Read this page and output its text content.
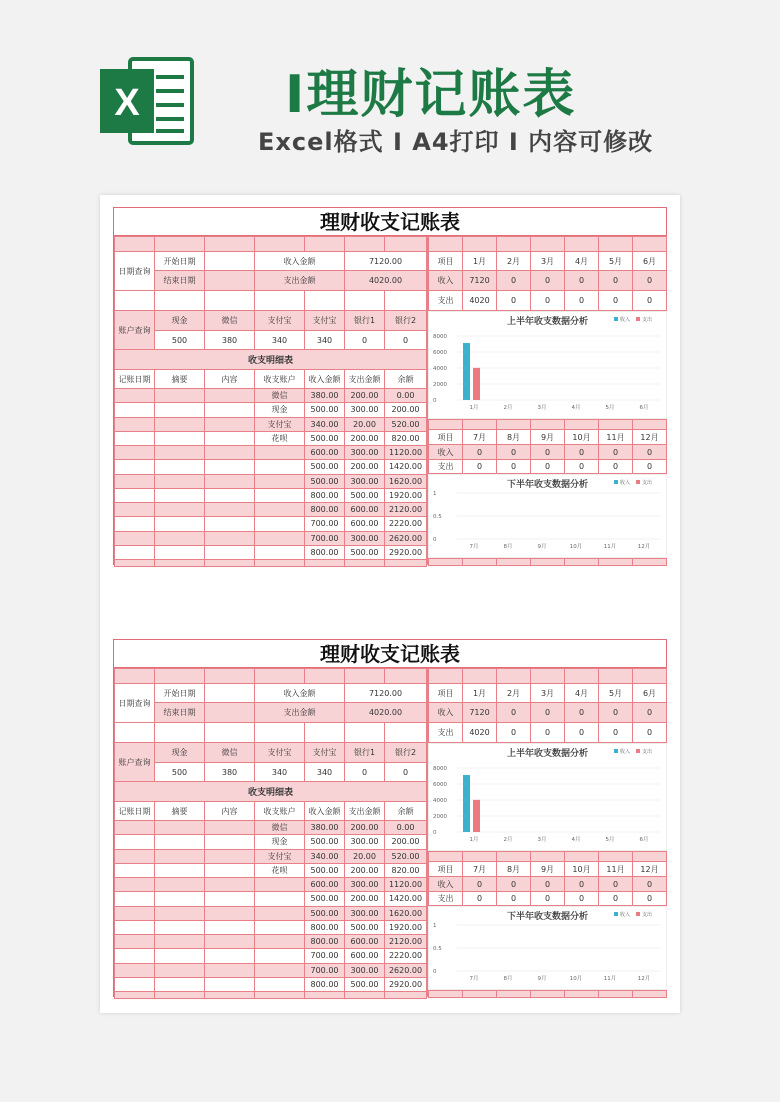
X	I理财记账表
Excel格式 I A4打印 I 内容可修改
理财收支记账表

日期查询	开始日期		收入金额		7120.00	
	结束日期		支出金额		4020.00	

账户查询	现金	微信	支付宝	支付宝	银行1	银行2
	500	380	340	340	0	0
收支明细表						
记账日期	摘要	内容	收支账户	收入金额	支出金额	余额
			微信	380.00	200.00	0.00
			现金	500.00	300.00	200.00
			支付宝	340.00	20.00	520.00
			花呗	500.00	200.00	820.00
				600.00	300.00	1120.00
				500.00	200.00	1420.00
				500.00	300.00	1620.00
				800.00	500.00	1920.00
				800.00	600.00	2120.00
				700.00	600.00	2220.00
				700.00	300.00	2620.00
				800.00	500.00	2920.00

项目	1月	2月	3月	4月	5月	6月
收入	7120	0	0	0	0	0
支出	4020	0	0	0	0	0
上半年收支数据分析	收入 支出
0
2000
4000
6000
8000
1月	2月	3月	4月	5月	6月

项目	7月	8月	9月	10月	11月	12月
收入	0	0	0	0	0	0
支出	0	0	0	0	0	0
下半年收支数据分析	收入 支出
0
0.5
1
7月	8月	9月	10月	11月	12月

理财收支记账表

日期查询	开始日期		收入金额		7120.00	
	结束日期		支出金额		4020.00	

账户查询	现金	微信	支付宝	支付宝	银行1	银行2
	500	380	340	340	0	0
收支明细表						
记账日期	摘要	内容	收支账户	收入金额	支出金额	余额
			微信	380.00	200.00	0.00
			现金	500.00	300.00	200.00
			支付宝	340.00	20.00	520.00
			花呗	500.00	200.00	820.00
				600.00	300.00	1120.00
				500.00	200.00	1420.00
				500.00	300.00	1620.00
				800.00	500.00	1920.00
				800.00	600.00	2120.00
				700.00	600.00	2220.00
				700.00	300.00	2620.00
				800.00	500.00	2920.00

项目	1月	2月	3月	4月	5月	6月
收入	7120	0	0	0	0	0
支出	4020	0	0	0	0	0
上半年收支数据分析	收入 支出
0
2000
4000
6000
8000
1月	2月	3月	4月	5月	6月

项目	7月	8月	9月	10月	11月	12月
收入	0	0	0	0	0	0
支出	0	0	0	0	0	0
下半年收支数据分析	收入 支出
0
0.5
1
7月	8月	9月	10月	11月	12月
